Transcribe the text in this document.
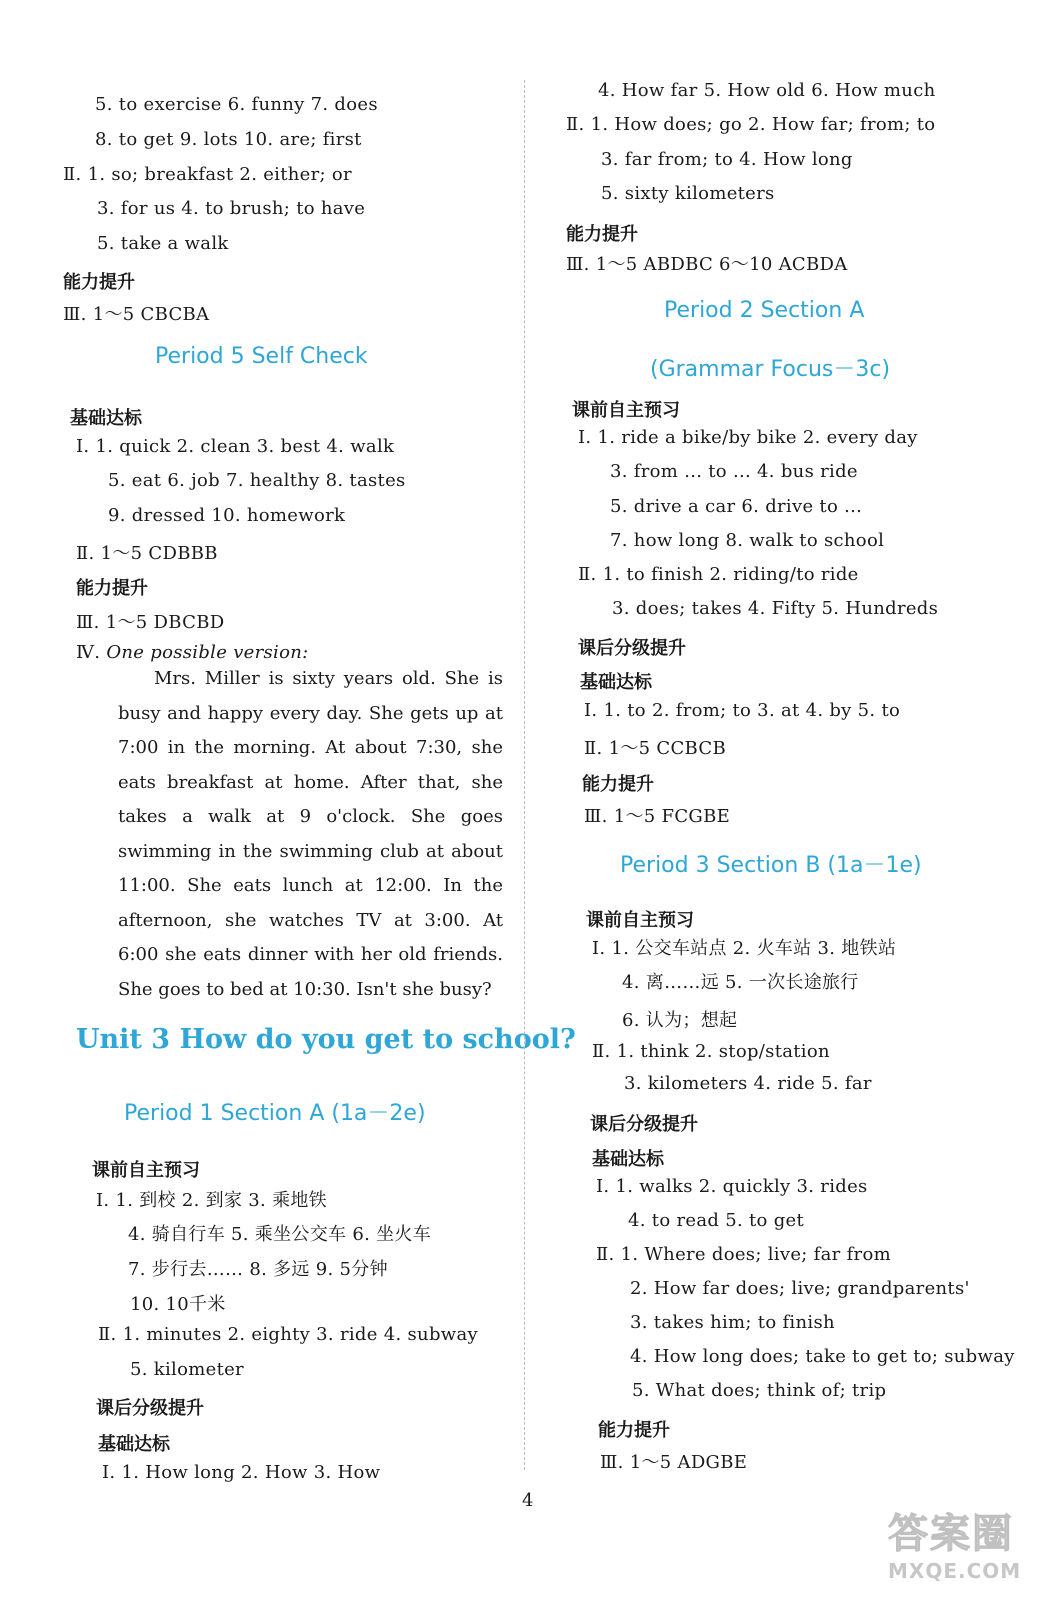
5. to exercise 6. funny 7. does
8. to get 9. lots 10. are; first
Ⅱ. 1. so; breakfast 2. either; or
3. for us 4. to brush; to have
5. take a walk
能力提升
Ⅲ. 1～5 CBCBA
Period 5 Self Check
基础达标
Ⅰ. 1. quick 2. clean 3. best 4. walk
5. eat 6. job 7. healthy 8. tastes
9. dressed 10. homework
Ⅱ. 1～5 CDBBB
能力提升
Ⅲ. 1～5 DBCBD
Ⅳ. One possible version:
Mrs. Miller is sixty years old. She is busy and happy every day. She gets up at 7:00 in the morning. At about 7:30, she eats breakfast at home. After that, she takes a walk at 9 o'clock. She goes swimming in the swimming club at about 11:00. She eats lunch at 12:00. In the afternoon, she watches TV at 3:00. At 6:00 she eats dinner with her old friends. She goes to bed at 10:30. Isn't she busy?
Unit 3 How do you get to school?
Period 1 Section A (1a－2e)
课前自主预习
Ⅰ. 1. 到校 2. 到家 3. 乘地铁
4. 骑自行车 5. 乘坐公交车 6. 坐火车
7. 步行去…… 8. 多远 9. 5分钟
10. 10千米
Ⅱ. 1. minutes 2. eighty 3. ride 4. subway
5. kilometer
课后分级提升
基础达标
Ⅰ. 1. How long 2. How 3. How
4. How far 5. How old 6. How much
Ⅱ. 1. How does; go 2. How far; from; to
3. far from; to 4. How long
5. sixty kilometers
能力提升
Ⅲ. 1～5 ABDBC 6～10 ACBDA
Period 2 Section A
(Grammar Focus－3c)
课前自主预习
Ⅰ. 1. ride a bike/by bike 2. every day
3. from ... to ... 4. bus ride
5. drive a car 6. drive to ...
7. how long 8. walk to school
Ⅱ. 1. to finish 2. riding/to ride
3. does; takes 4. Fifty 5. Hundreds
课后分级提升
基础达标
Ⅰ. 1. to 2. from; to 3. at 4. by 5. to
Ⅱ. 1～5 CCBCB
能力提升
Ⅲ. 1～5 FCGBE
Period 3 Section B (1a－1e)
课前自主预习
Ⅰ. 1. 公交车站点 2. 火车站 3. 地铁站
4. 离……远 5. 一次长途旅行
6. 认为；想起
Ⅱ. 1. think 2. stop/station
3. kilometers 4. ride 5. far
课后分级提升
基础达标
Ⅰ. 1. walks 2. quickly 3. rides
4. to read 5. to get
Ⅱ. 1. Where does; live; far from
2. How far does; live; grandparents'
3. takes him; to finish
4. How long does; take to get to; subway
5. What does; think of; trip
能力提升
Ⅲ. 1～5 ADGBE
4
答案圈
MXQE.COM
